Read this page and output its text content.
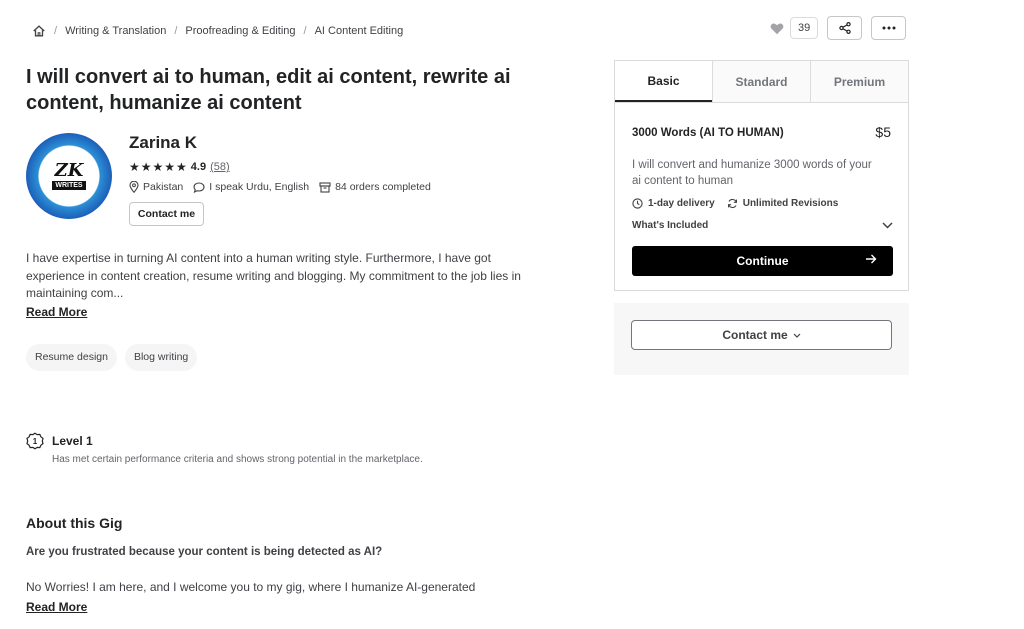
/ Writing & Translation / Proofreading & Editing / AI Content Editing	39
I will convert ai to human, edit ai content, rewrite ai content, humanize ai content
ZK
WRITES
Zarina K
★★★★★ 4.9 (58)
Pakistan I speak Urdu, English 84 orders completed
Contact me

I have expertise in turning AI content into a human writing style. Furthermore, I have got experience in content creation, resume writing and blogging. My commitment to the job lies in maintaining com...

Read More
Resume design	Blog writing
1 Level 1
Has met certain performance criteria and shows strong potential in the marketplace.
About this Gig

Are you frustrated because your content is being detected as AI?

No Worries! I am here, and I welcome you to my gig, where I humanize AI-generated

Read More
Basic	Standard	Premium
3000 Words (AI TO HUMAN)	$5

I will convert and humanize 3000 words of your ai content to human

1-day delivery	Unlimited Revisions
What's Included
Continue
Contact me
